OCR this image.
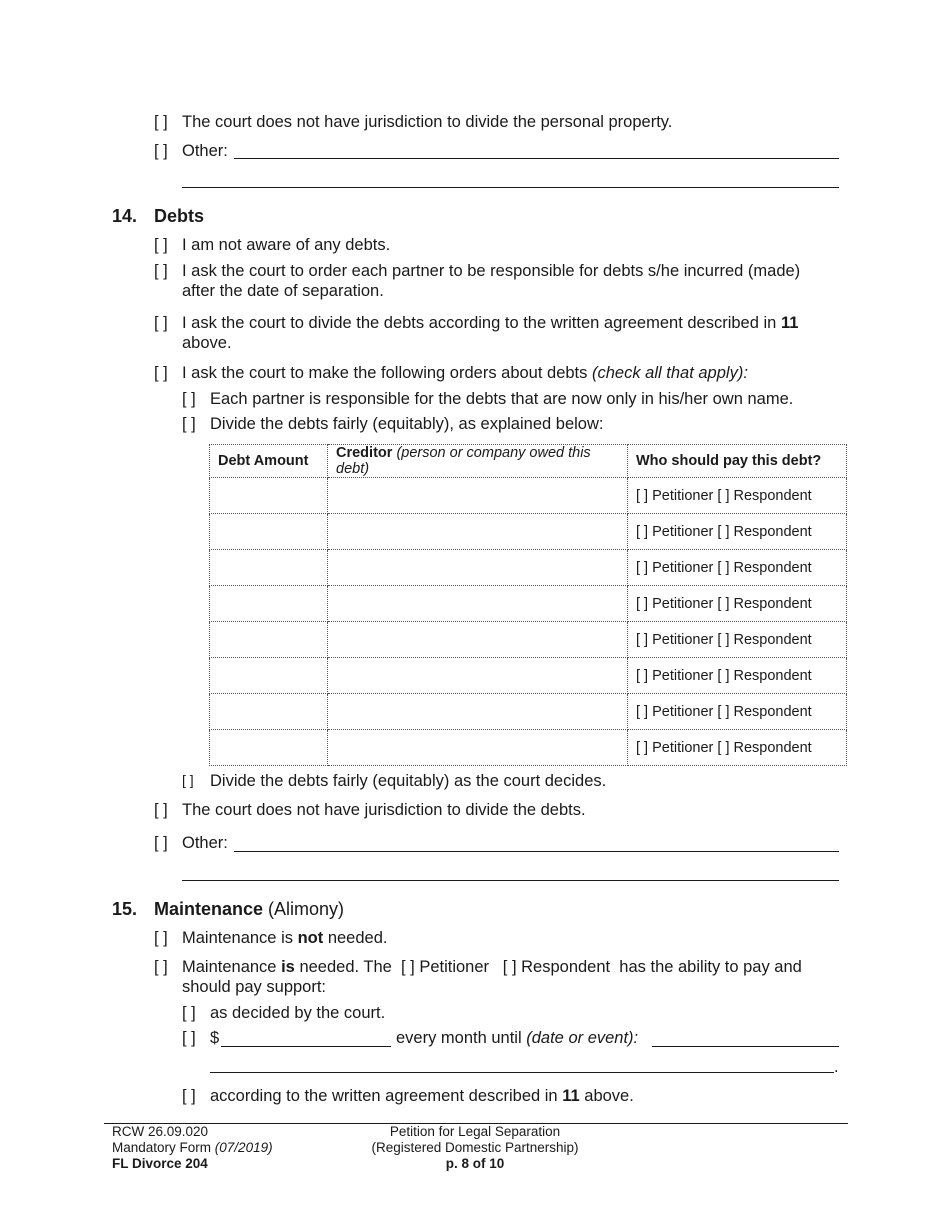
[ ] The court does not have jurisdiction to divide the personal property.
[ ] Other:
14. Debts
[ ] I am not aware of any debts.
[ ] I ask the court to order each partner to be responsible for debts s/he incurred (made)
after the date of separation.
[ ] I ask the court to divide the debts according to the written agreement described in 11
above.
[ ] I ask the court to make the following orders about debts (check all that apply):
[ ] Each partner is responsible for the debts that are now only in his/her own name.
[ ] Divide the debts fairly (equitably), as explained below:
Debt Amount	Creditor (person or company owed this debt)	Who should pay this debt?
		[ ] Petitioner [ ] Respondent
		[ ] Petitioner [ ] Respondent
		[ ] Petitioner [ ] Respondent
		[ ] Petitioner [ ] Respondent
		[ ] Petitioner [ ] Respondent
		[ ] Petitioner [ ] Respondent
		[ ] Petitioner [ ] Respondent
		[ ] Petitioner [ ] Respondent
[ ] Divide the debts fairly (equitably) as the court decides.
[ ] The court does not have jurisdiction to divide the debts.
[ ] Other:
15. Maintenance (Alimony)
[ ] Maintenance is not needed.
[ ] Maintenance is needed. The [ ] Petitioner [ ] Respondent has the ability to pay and
should pay support:
[ ] as decided by the court.
[ ] $	every month until (date or event):
.
[ ] according to the written agreement described in 11 above.
RCW 26.09.020
Mandatory Form (07/2019)
FL Divorce 204
Petition for Legal Separation
(Registered Domestic Partnership)
p. 8 of 10
